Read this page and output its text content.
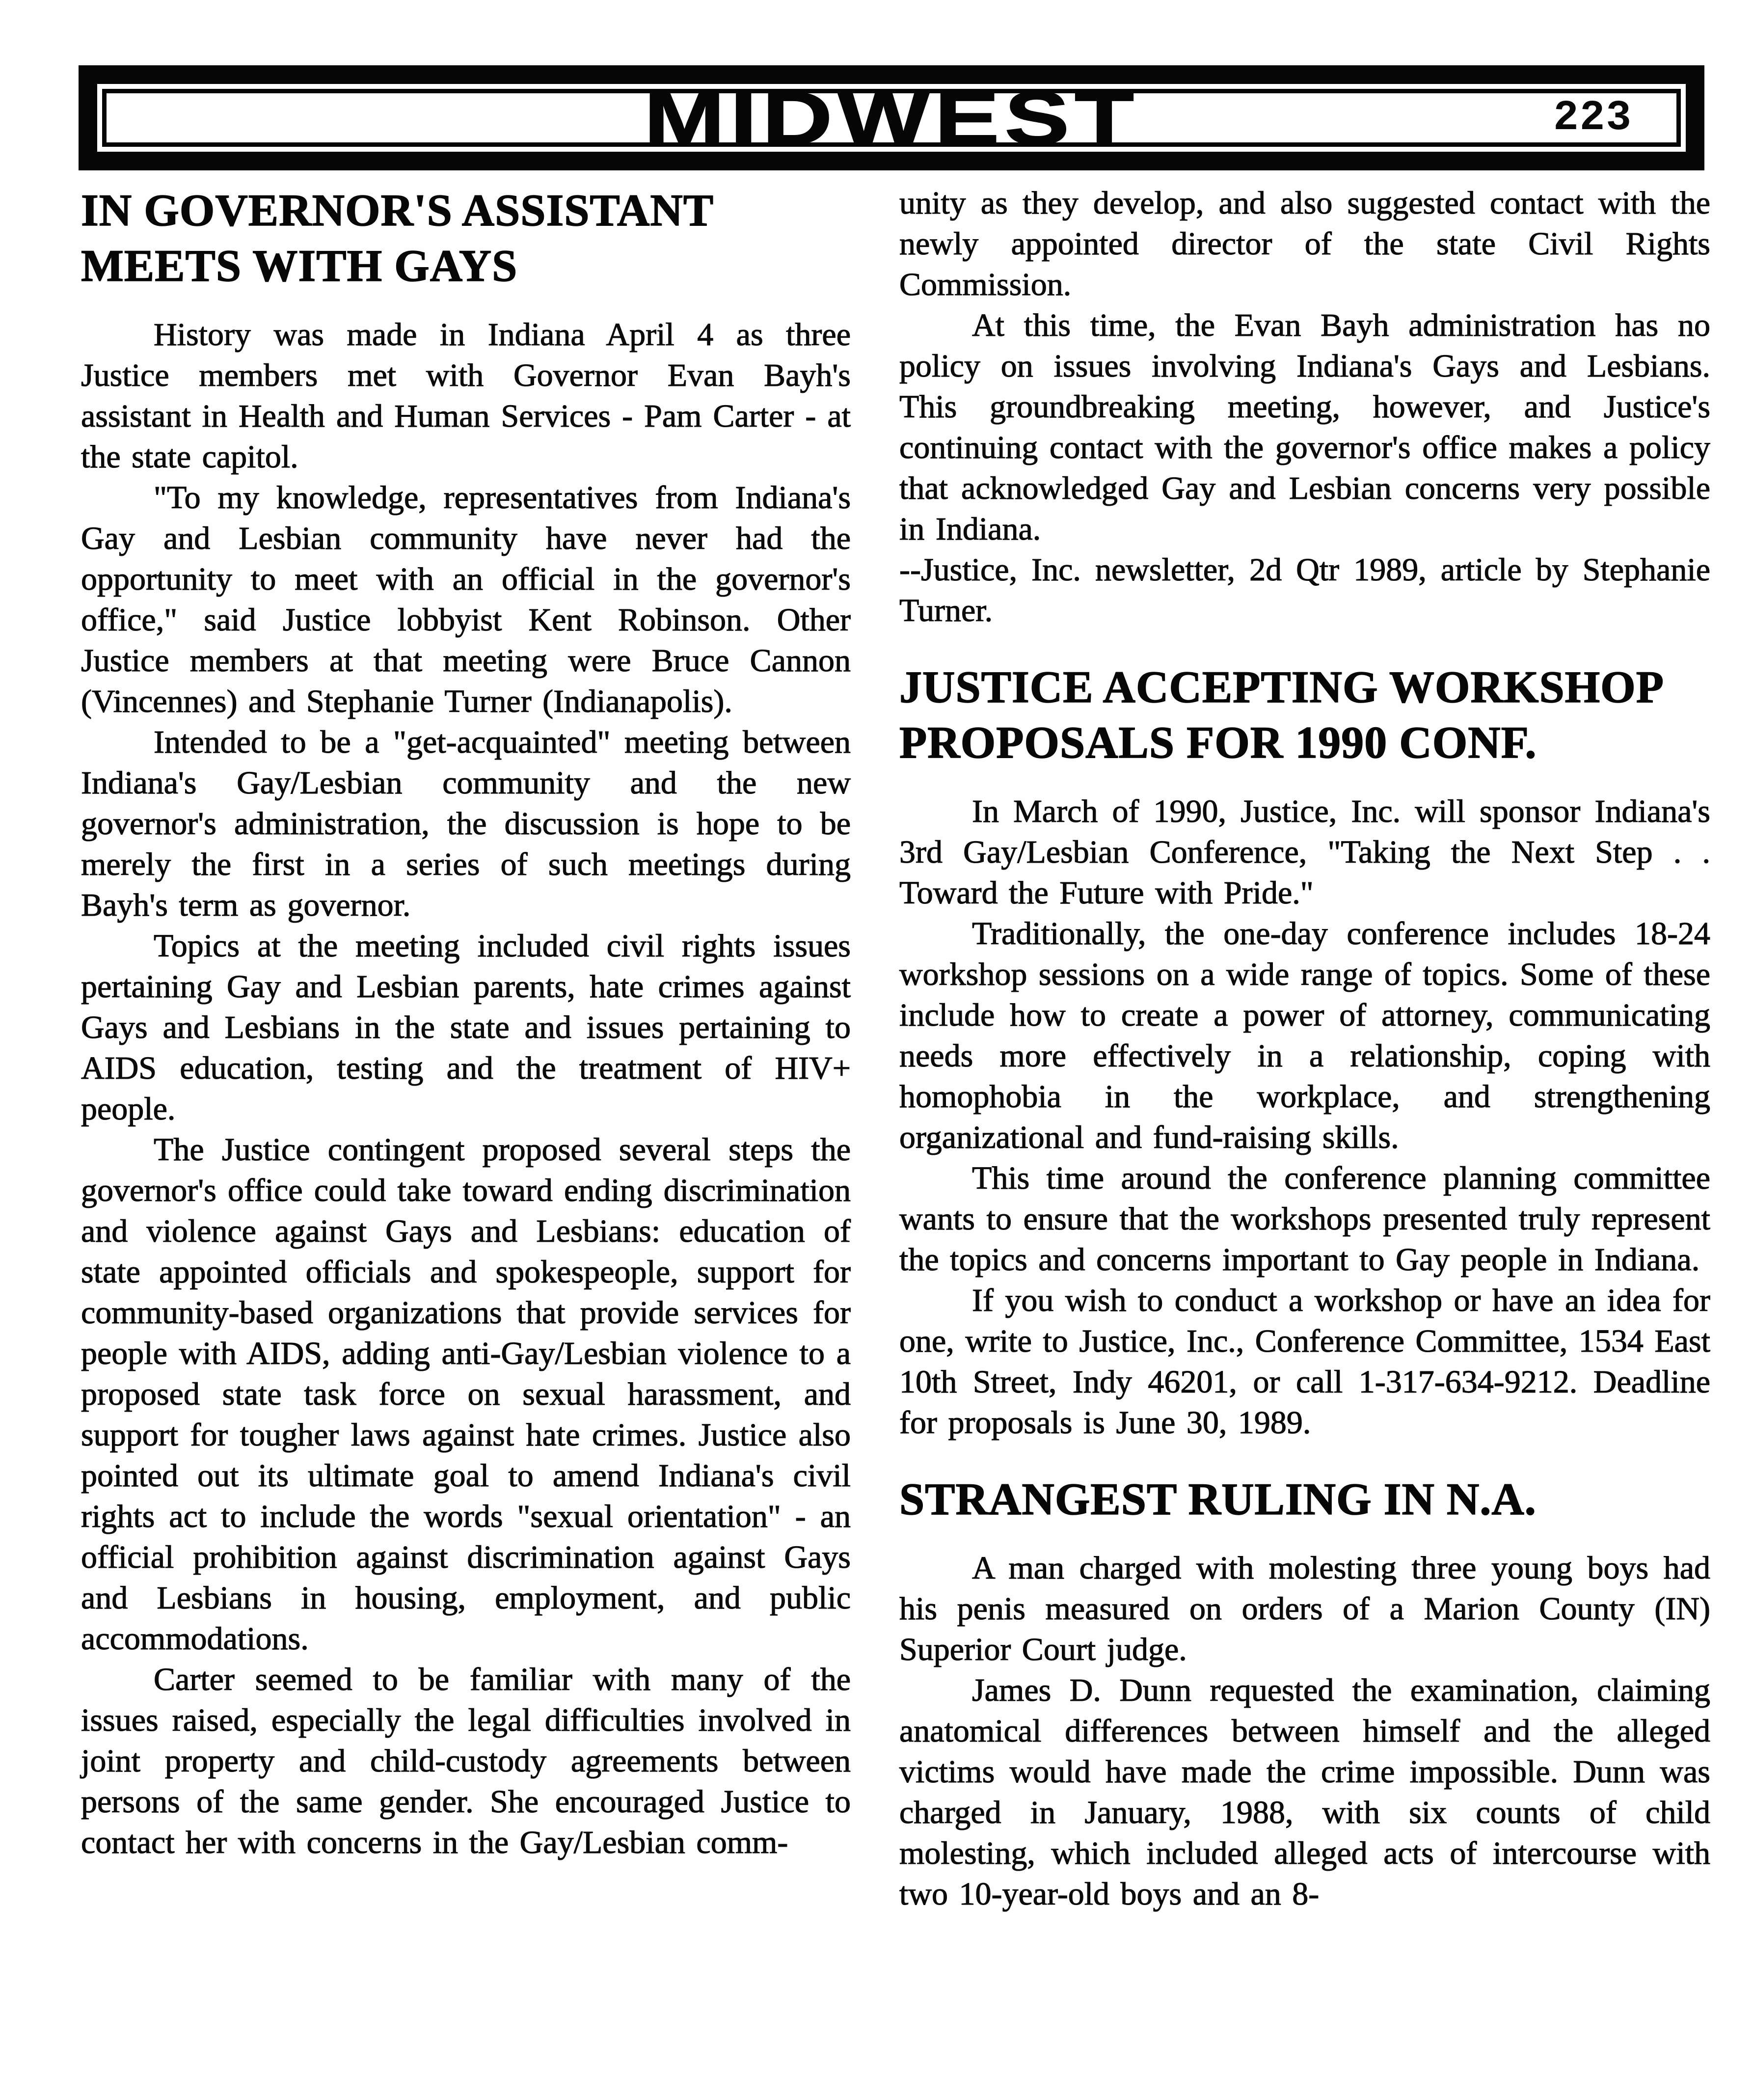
MIDWEST	223
IN GOVERNOR'S ASSISTANT MEETS WITH GAYS

History was made in Indiana April 4 as three Justice members met with Governor Evan Bayh's assistant in Health and Human Services - Pam Carter - at the state capitol.

"To my knowledge, representatives from Indiana's Gay and Lesbian community have never had the opportunity to meet with an official in the governor's office," said Justice lobbyist Kent Robinson. Other Justice members at that meeting were Bruce Cannon (Vincennes) and Stephanie Turner (Indianapolis).

Intended to be a "get-acquainted" meeting between Indiana's Gay/Lesbian community and the new governor's administration, the discussion is hope to be merely the first in a series of such meetings during Bayh's term as governor.

Topics at the meeting included civil rights issues pertaining Gay and Lesbian parents, hate crimes against Gays and Lesbians in the state and issues pertaining to AIDS education, testing and the treatment of HIV+ people.

The Justice contingent proposed several steps the governor's office could take toward ending discrimination and violence against Gays and Lesbians: education of state appointed officials and spokespeople, support for community-based organizations that provide services for people with AIDS, adding anti-Gay/Lesbian violence to a proposed state task force on sexual harassment, and support for tougher laws against hate crimes. Justice also pointed out its ultimate goal to amend Indiana's civil rights act to include the words "sexual orientation" - an official prohibition against discrimination against Gays and Lesbians in housing, employment, and public accommodations.

Carter seemed to be familiar with many of the issues raised, especially the legal difficulties involved in joint property and child-custody agreements between persons of the same gender. She encouraged Justice to contact her with concerns in the Gay/Lesbian comm-

unity as they develop, and also suggested contact with the newly appointed director of the state Civil Rights Commission.

At this time, the Evan Bayh administration has no policy on issues involving Indiana's Gays and Lesbians. This groundbreaking meeting, however, and Justice's continuing contact with the governor's office makes a policy that acknowledged Gay and Lesbian concerns very possible in Indiana.

--Justice, Inc. newsletter, 2d Qtr 1989, article by Stephanie Turner.

JUSTICE ACCEPTING WORKSHOP PROPOSALS FOR 1990 CONF.

In March of 1990, Justice, Inc. will sponsor Indiana's 3rd Gay/Lesbian Conference, "Taking the Next Step . . Toward the Future with Pride."

Traditionally, the one-day conference includes 18-24 workshop sessions on a wide range of topics. Some of these include how to create a power of attorney, communicating needs more effectively in a relationship, coping with homophobia in the workplace, and strengthening organizational and fund-raising skills.

This time around the conference planning committee wants to ensure that the workshops presented truly represent the topics and concerns important to Gay people in Indiana.

If you wish to conduct a workshop or have an idea for one, write to Justice, Inc., Conference Committee, 1534 East 10th Street, Indy 46201, or call 1-317-634-9212. Deadline for proposals is June 30, 1989.

STRANGEST RULING IN N.A.

A man charged with molesting three young boys had his penis measured on orders of a Marion County (IN) Superior Court judge.

James D. Dunn requested the examination, claiming anatomical differences between himself and the alleged victims would have made the crime impossible. Dunn was charged in January, 1988, with six counts of child molesting, which included alleged acts of intercourse with two 10-year-old boys and an 8-
